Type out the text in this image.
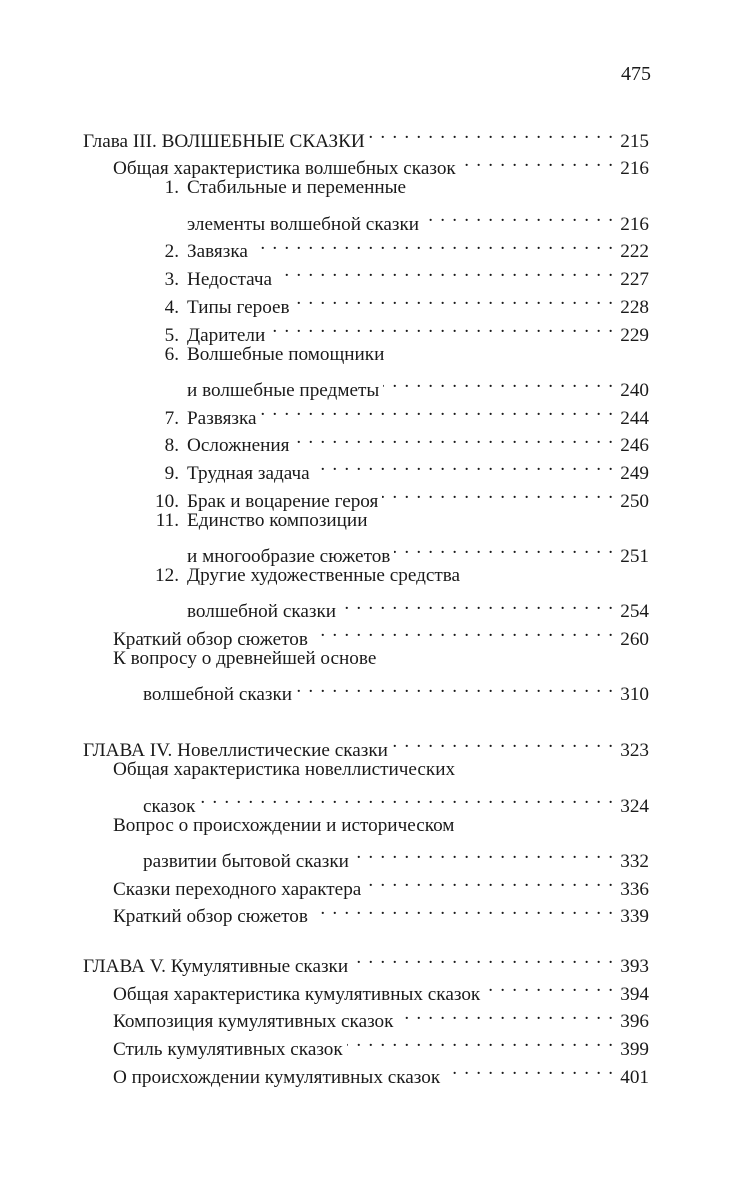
475
Глава III. ВОЛШЕБНЫЕ СКАЗКИ . . .	215
Общая характеристика волшебных сказок . . .	216
1. Стабильные и переменные
элементы волшебной сказки . . .	216
2. Завязка . . .	222
3. Недостача . . .	227
4. Типы героев . . .	228
5. Дарители . . .	229
6. Волшебные помощники
и волшебные предметы . . .	240
7. Развязка . . .	244
8. Осложнения . . .	246
9. Трудная задача . . .	249
10. Брак и воцарение героя . . .	250
11. Единство композиции
и многообразие сюжетов . . .	251
12. Другие художественные средства
волшебной сказки . . .	254
Краткий обзор сюжетов . . .	260
К вопросу о древнейшей основе
волшебной сказки . . .	310
ГЛАВА IV. Новеллистические сказки . . .	323
Общая характеристика новеллистических
сказок . . .	324
Вопрос о происхождении и историческом
развитии бытовой сказки . . .	332
Сказки переходного характера . . .	336
Краткий обзор сюжетов . . .	339
ГЛАВА V. Кумулятивные сказки . . .	393
Общая характеристика кумулятивных сказок . . .	394
Композиция кумулятивных сказок . . .	396
Стиль кумулятивных сказок . . .	399
О происхождении кумулятивных сказок . . .	401
